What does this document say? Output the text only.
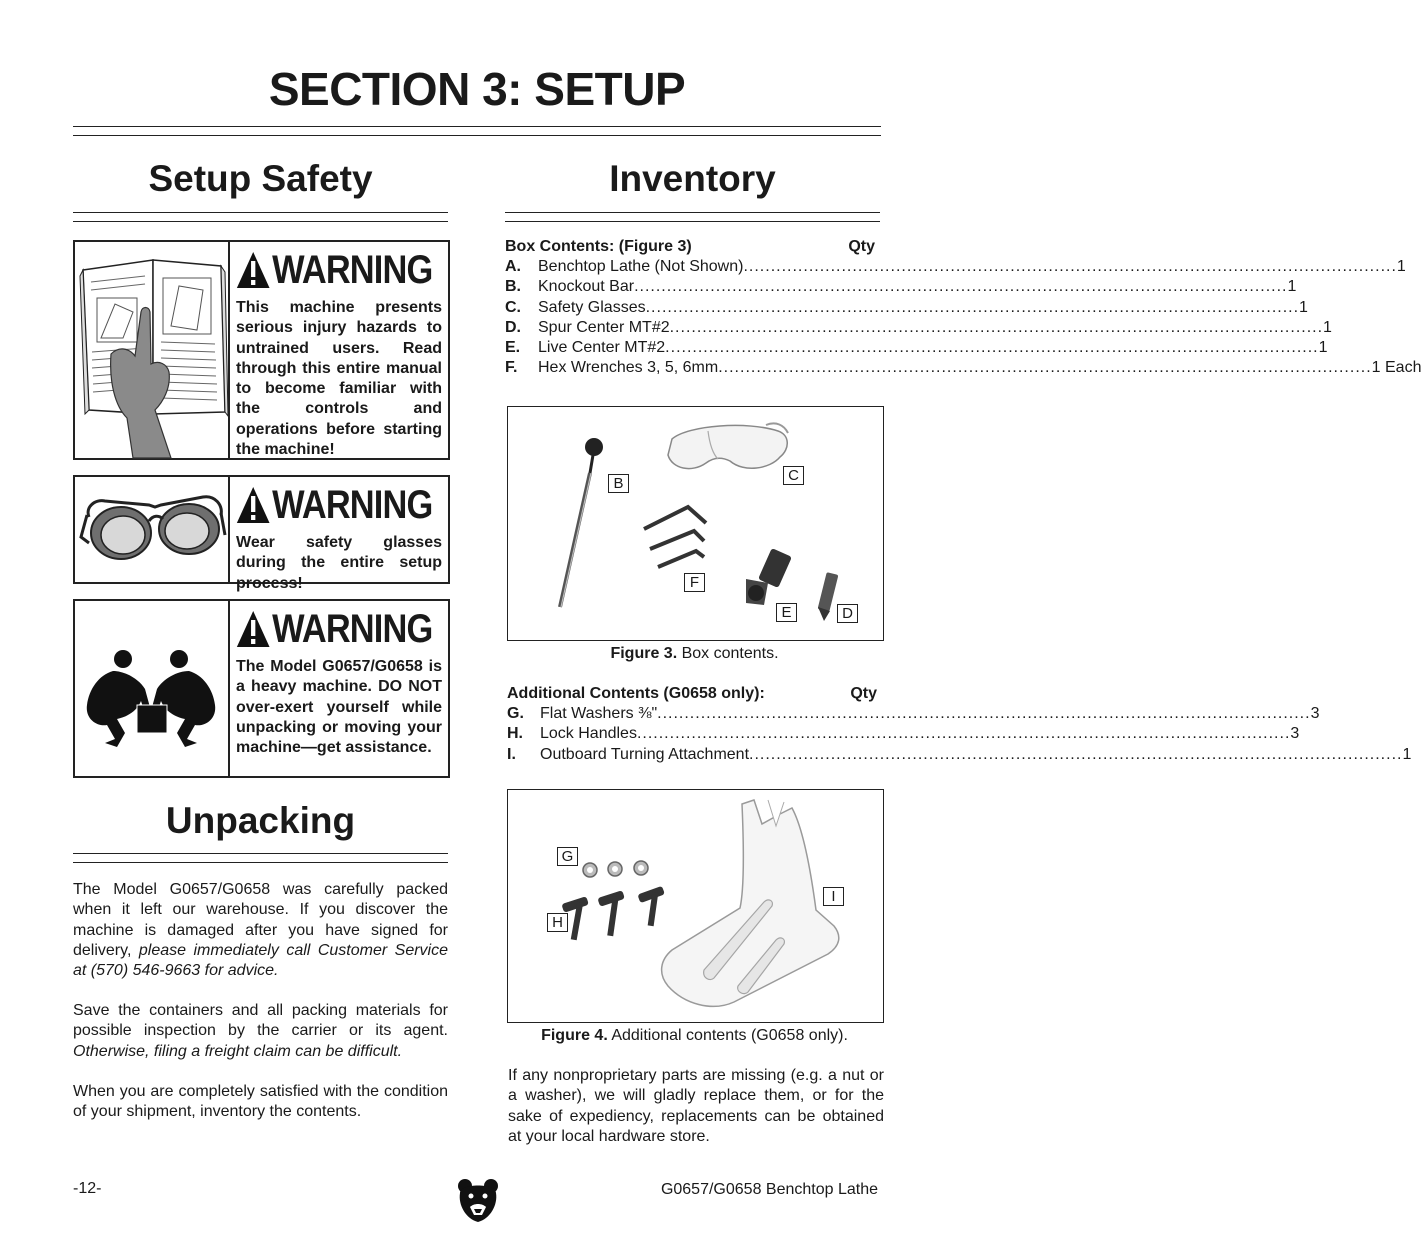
SECTION 3: SETUP
Setup Safety
WARNING
This machine presents serious injury hazards to untrained users. Read through this entire manual to become familiar with the controls and operations before starting the machine!
WARNING
Wear safety glasses during the entire setup process!
WARNING
The Model G0657/G0658 is a heavy machine. DO NOT over-exert yourself while unpacking or moving your machine—get assistance.
Unpacking
The Model G0657/G0658 was carefully packed when it left our warehouse. If you discover the machine is damaged after you have signed for delivery, please immediately call Customer Service at (570) 546-9663 for advice.
Save the containers and all packing materials for possible inspection by the carrier or its agent. Otherwise, filing a freight claim can be difficult.
When you are completely satisfied with the condition of your shipment, inventory the contents.
Inventory
Box Contents: (Figure 3)	Qty
A.	Benchtop Lathe (Not Shown) ........................................................................................................................ 1
B.	Knockout Bar ........................................................................................................................ 1
C.	Safety Glasses ........................................................................................................................ 1
D.	Spur Center MT#2 ........................................................................................................................ 1
E.	Live Center MT#2 ........................................................................................................................ 1
F.	Hex Wrenches 3, 5, 6mm ........................................................................................................................ 1 Each
B	C
F
E	D
Figure 3. Box contents.
Additional Contents (G0658 only):	Qty
G.	Flat Washers ⅜" ........................................................................................................................ 3
H.	Lock Handles ........................................................................................................................ 3
I.	Outboard Turning Attachment ........................................................................................................................ 1
G
H
I
Figure 4. Additional contents (G0658 only).
If any nonproprietary parts are missing (e.g. a nut or a washer), we will gladly replace them, or for the sake of expediency, replacements can be obtained at your local hardware store.
-12-	G0657/G0658 Benchtop Lathe
